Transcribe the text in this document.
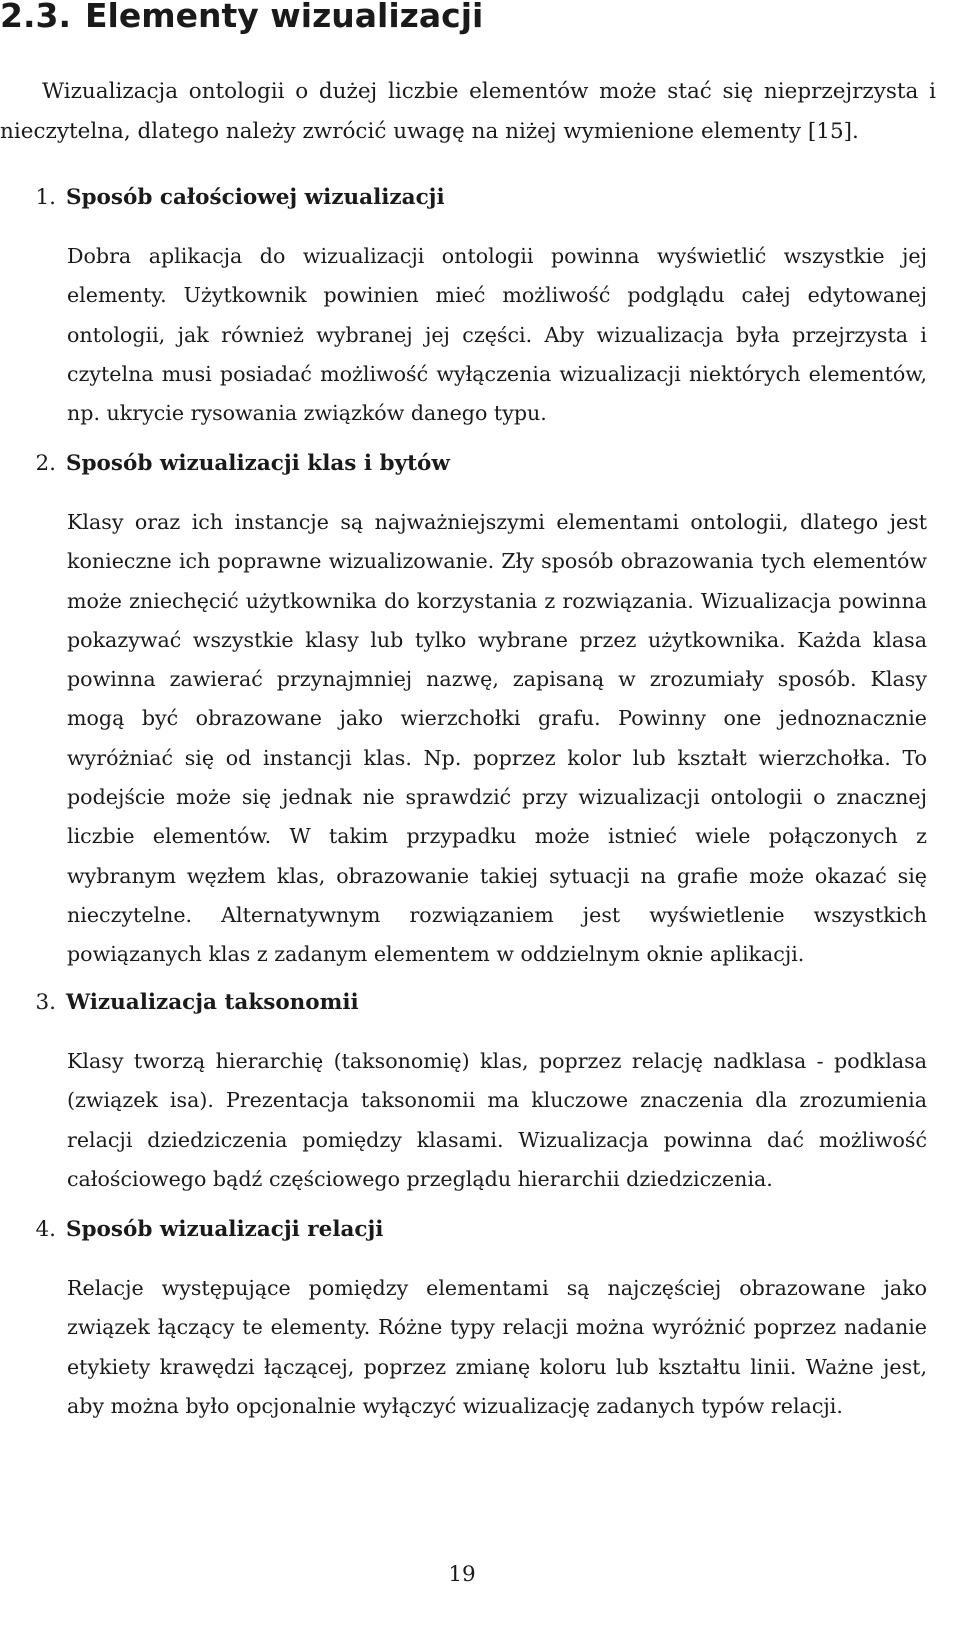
2.3. Elementy wizualizacji

Wizualizacja ontologii o dużej liczbie elementów może stać się nieprzejrzysta i nieczytelna, dlatego należy zwrócić uwagę na niżej wymienione elementy [15].

1. Sposób całościowej wizualizacji

Dobra aplikacja do wizualizacji ontologii powinna wyświetlić wszystkie jej elementy. Użytkownik powinien mieć możliwość podglądu całej edytowanej ontologii, jak również wybranej jej części. Aby wizualizacja była przejrzysta i czytelna musi posiadać możliwość wyłączenia wizualizacji niektórych elementów, np. ukrycie rysowania związków danego typu.

2. Sposób wizualizacji klas i bytów

Klasy oraz ich instancje są najważniejszymi elementami ontologii, dlatego jest konieczne ich poprawne wizualizowanie. Zły sposób obrazowania tych elementów może zniechęcić użytkownika do korzystania z rozwiązania. Wizualizacja powinna pokazywać wszystkie klasy lub tylko wybrane przez użytkownika. Każda klasa powinna zawierać przynajmniej nazwę, zapisaną w zrozumiały sposób. Klasy mogą być obrazowane jako wierzchołki grafu. Powinny one jednoznacznie wyróżniać się od instancji klas. Np. poprzez kolor lub kształt wierzchołka. To podejście może się jednak nie sprawdzić przy wizualizacji ontologii o znacznej liczbie elementów. W takim przypadku może istnieć wiele połączonych z wybranym węzłem klas, obrazowanie takiej sytuacji na grafie może okazać się nieczytelne. Alternatywnym rozwiązaniem jest wyświetlenie wszystkich powiązanych klas z zadanym elementem w oddzielnym oknie aplikacji.

3. Wizualizacja taksonomii

Klasy tworzą hierarchię (taksonomię) klas, poprzez relację nadklasa - podklasa (związek isa). Prezentacja taksonomii ma kluczowe znaczenia dla zrozumienia relacji dziedziczenia pomiędzy klasami. Wizualizacja powinna dać możliwość całościowego bądź częściowego przeglądu hierarchii dziedziczenia.

4. Sposób wizualizacji relacji

Relacje występujące pomiędzy elementami są najczęściej obrazowane jako związek łączący te elementy. Różne typy relacji można wyróżnić poprzez nadanie etykiety krawędzi łączącej, poprzez zmianę koloru lub kształtu linii. Ważne jest, aby można było opcjonalnie wyłączyć wizualizację zadanych typów relacji.

19
